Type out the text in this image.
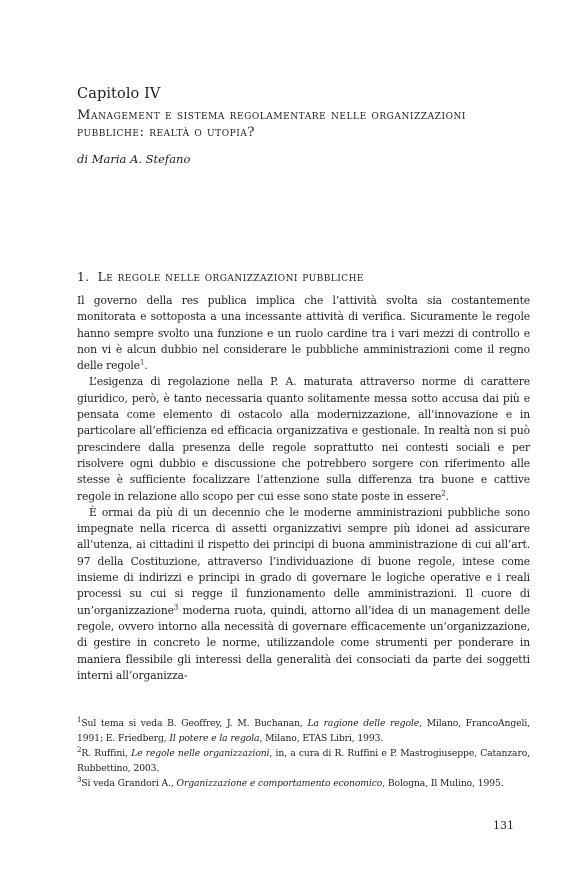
Capitolo IV
Management e sistema regolamentare nelle organizzazioni pubbliche: realtà o utopia?
di Maria A. Stefano
1. Le regole nelle organizzazioni pubbliche

Il governo della res publica implica che l’attività svolta sia costantemente monitorata e sottoposta a una incessante attività di verifica. Sicuramente le regole hanno sempre svolto una funzione e un ruolo cardine tra i vari mezzi di controllo e non vi è alcun dubbio nel considerare le pubbliche amministrazioni come il regno delle regole$^1$.

L’esigenza di regolazione nella P. A. maturata attraverso norme di carattere giuridico, però, è tanto necessaria quanto solitamente messa sotto accusa dai più e pensata come elemento di ostacolo alla modernizzazione, all’innovazione e in particolare all’efficienza ed efficacia organizzativa e gestionale. In realtà non si può prescindere dalla presenza delle regole soprattutto nei contesti sociali e per risolvere ogni dubbio e discussione che potrebbero sorgere con riferimento alle stesse è sufficiente focalizzare l’attenzione sulla differenza tra buone e cattive regole in relazione allo scopo per cui esse sono state poste in essere$^2$.

È ormai da più di un decennio che le moderne amministrazioni pubbliche sono impegnate nella ricerca di assetti organizzativi sempre più idonei ad assicurare all’utenza, ai cittadini il rispetto dei principi di buona amministrazione di cui all’art. 97 della Costituzione, attraverso l’individuazione di buone regole, intese come insieme di indirizzi e principi in grado di governare le logiche operative e i reali processi su cui si regge il funzionamento delle amministrazioni. Il cuore di un’organizzazione$^3$ moderna ruota, quindi, attorno all’idea di un management delle regole, ovvero intorno alla necessità di governare efficacemente un’organizzazione, di gestire in concreto le norme, utilizzandole come strumenti per ponderare in maniera flessibile gli interessi della generalità dei consociati da parte dei soggetti interni all’organizza-

$^1$Sul tema si veda B. Geoffrey, J. M. Buchanan, La ragione delle regole, Milano, FrancoAngeli, 1991; E. Friedberg, Il potere e la regola, Milano, ETAS Libri, 1993.

$^2$R. Ruffini, Le regole nelle organizzazioni, in, a cura di R. Ruffini e P. Mastrogiuseppe, Catanzaro, Rubbettino, 2003.

$^3$Si veda Grandori A., Organizzazione e comportamento economico, Bologna, Il Mulino, 1995.

131
